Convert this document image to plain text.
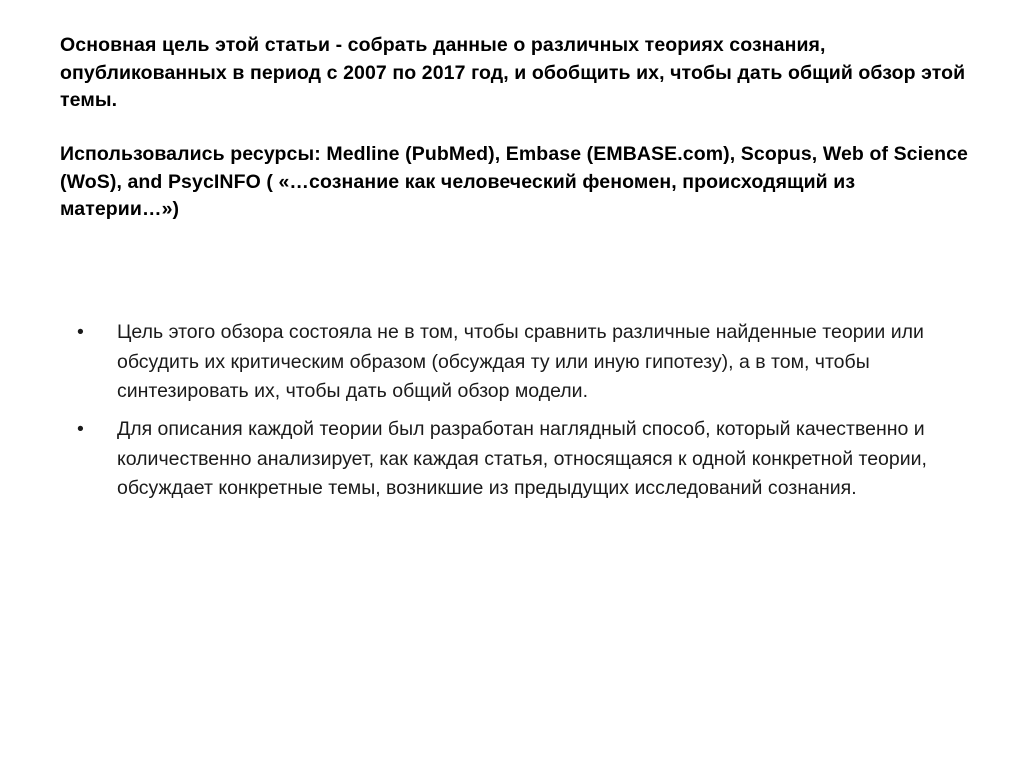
Основная цель этой статьи - собрать данные о различных теориях сознания, опубликованных в период с 2007 по 2017 год, и обобщить их, чтобы дать общий обзор этой темы.

Использовались ресурсы: Medline (PubMed), Embase (EMBASE.com), Scopus, Web of Science (WoS), and PsycINFO ( «…сознание как человеческий феномен, происходящий из материи…»)

• Цель этого обзора состояла не в том, чтобы сравнить различные найденные теории или обсудить их критическим образом (обсуждая ту или иную гипотезу), а в том, чтобы синтезировать их, чтобы дать общий обзор модели.
• Для описания каждой теории был разработан наглядный способ, который качественно и количественно анализирует, как каждая статья, относящаяся к одной конкретной теории, обсуждает конкретные темы, возникшие из предыдущих исследований сознания.
